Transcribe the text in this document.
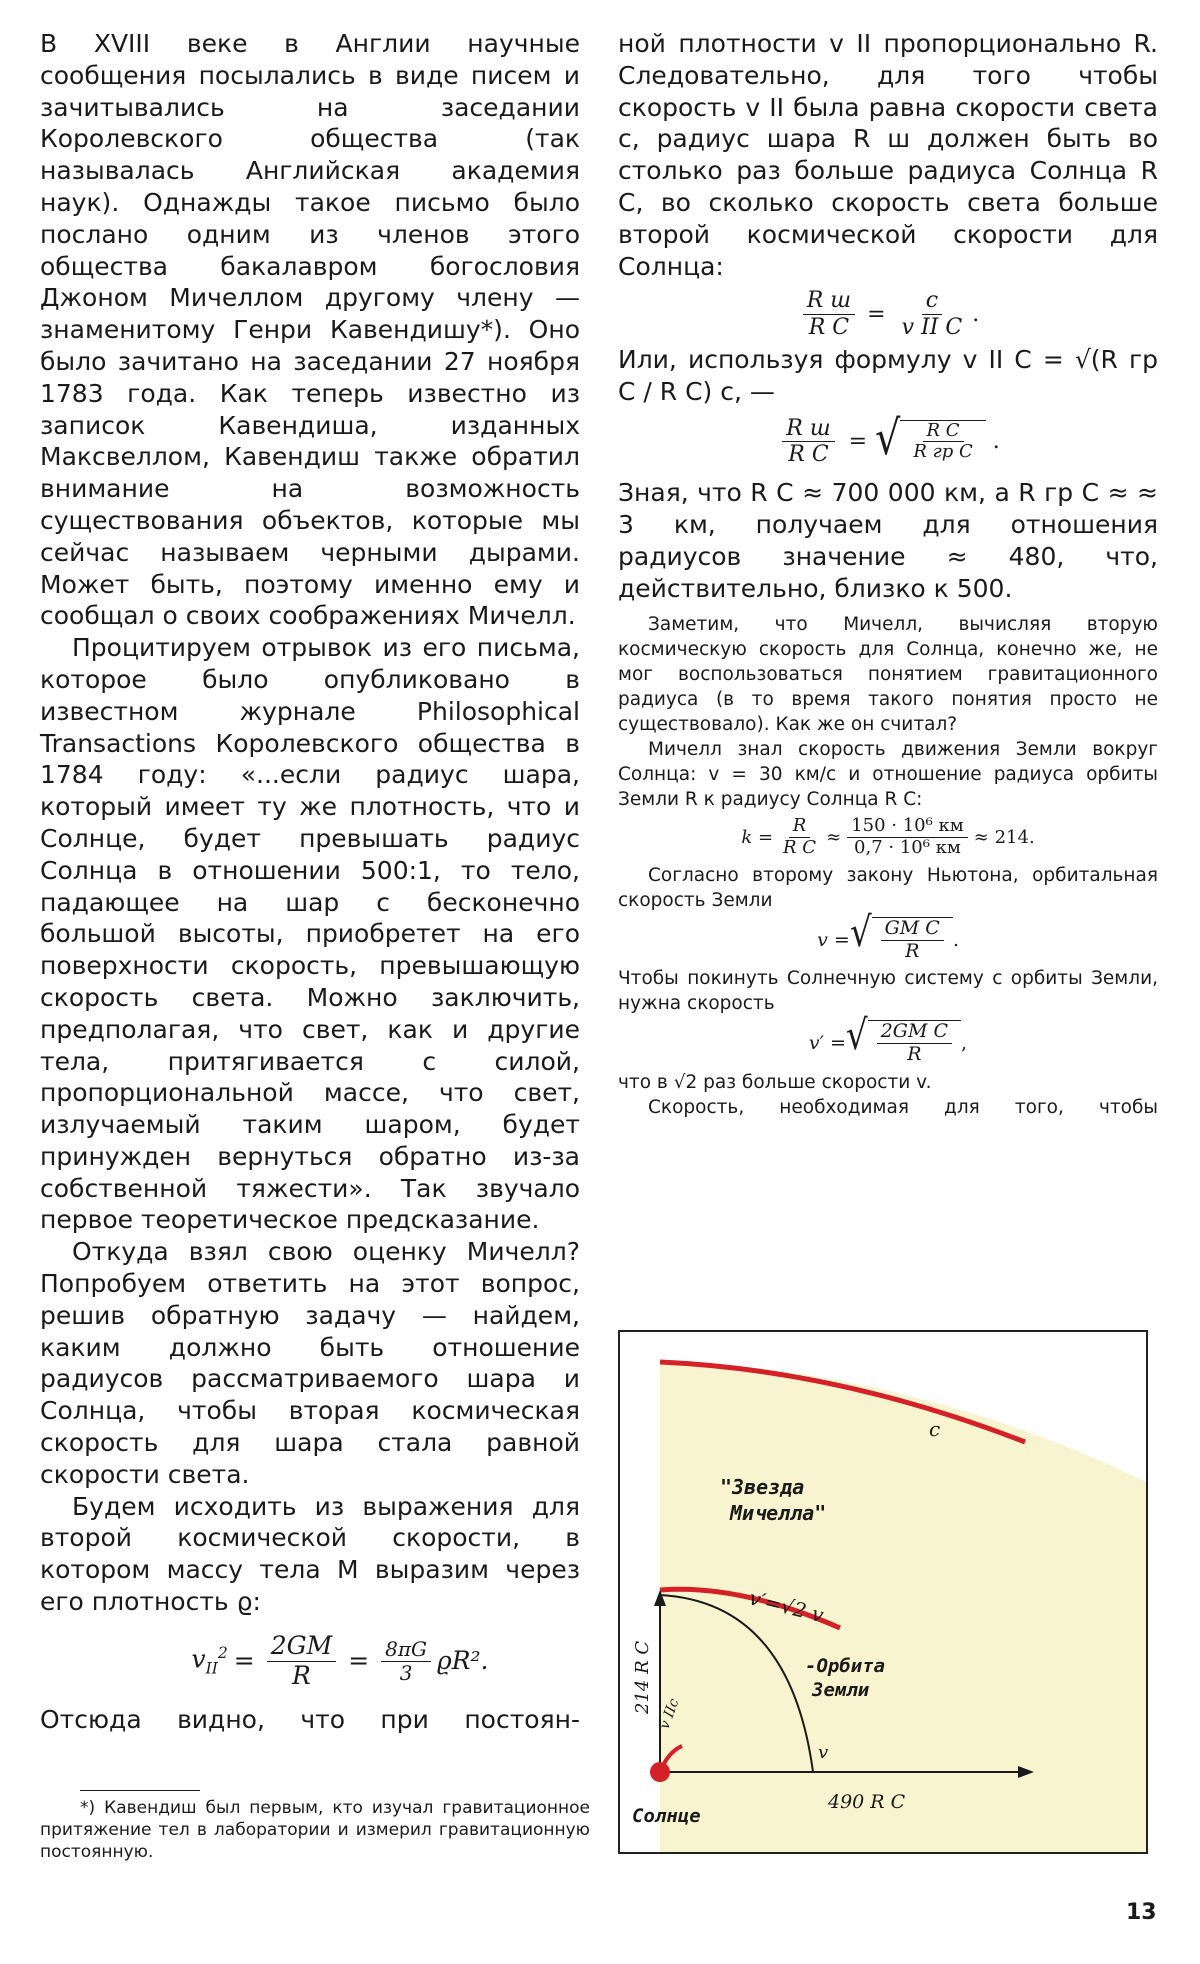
В XVIII веке в Англии научные сообщения посылались в виде писем и зачитывались на заседании Королевского общества (так называлась Английская академия наук). Однажды такое письмо было послано одним из членов этого общества бакалавром богословия Джоном Мичеллом другому члену — знаменитому Генри Кавендишу*). Оно было зачитано на заседании 27 ноября 1783 года. Как теперь известно из записок Кавендиша, изданных Максвеллом, Кавендиш также обратил внимание на возможность существования объектов, которые мы сейчас называем черными дырами. Может быть, поэтому именно ему и сообщал о своих соображениях Мичелл.

Процитируем отрывок из его письма, которое было опубликовано в известном журнале Philosophical Transactions Королевского общества в 1784 году: «...если радиус шара, который имеет ту же плотность, что и Солнце, будет превышать радиус Солнца в отношении 500:1, то тело, падающее на шар с бесконечно большой высоты, приобретет на его поверхности скорость, превышающую скорость света. Можно заключить, предполагая, что свет, как и другие тела, притягивается с силой, пропорциональной массе, что свет, излучаемый таким шаром, будет принужден вернуться обратно из-за собственной тяжести». Так звучало первое теоретическое предсказание.

Откуда взял свою оценку Мичелл? Попробуем ответить на этот вопрос, решив обратную задачу — найдем, каким должно быть отношение радиусов рассматриваемого шара и Солнца, чтобы вторая космическая скорость для шара стала равной скорости света.

Будем исходить из выражения для второй космической скорости, в котором массу тела M выразим через его плотность ϱ:

$v_{II}^2 = \frac{2GM}{R} = \frac{8\pi G}{3} ϱR^2$.

Отсюда видно, что при постоян-

*) Кавендиш был первым, кто изучал гравитационное притяжение тел в лаборатории и измерил гравитационную постоянную.

ной плотности v II пропорционально R. Следовательно, для того чтобы скорость v II была равна скорости света c, радиус шара R ш должен быть во столько раз больше радиуса Солнца R C, во сколько скорость света больше второй космической скорости для Солнца:

$\frac{\text{R ш}}{\text{R C}} = \frac{c}{\text{v II C}}$ .

Или, используя формулу v II C = √(R гр C / R C) c, —

$\frac{\text{R ш}}{\text{R C}}$ = √ $\frac{\text{R C}}{\text{R гр C}}$ .

Зная, что R C ≈ 700 000 км, а R гр C ≈ ≈ 3 км, получаем для отношения радиусов значение ≈ 480, что, действительно, близко к 500.

Заметим, что Мичелл, вычисляя вторую космическую скорость для Солнца, конечно же, не мог воспользоваться понятием гравитационного радиуса (в то время такого понятия просто не существовало). Как же он считал?

Мичелл знал скорость движения Земли вокруг Солнца: v = 30 км/с и отношение радиуса орбиты Земли R к радиусу Солнца R C:

$k = \frac{R}{\text{R C}} \approx \frac{\text{150 · 10⁶ км}}{\text{0,7 · 10⁶ км}} \approx 214$.

Согласно второму закону Ньютона, орбитальная скорость Земли

v = √ $\frac{\text{GM C}}{R}$ .

Чтобы покинуть Солнечную систему с орбиты Земли, нужна скорость

v′ = √ $\frac{\text{2GM C}}{R}$ ,

что в √2 раз больше скорости v.

Скорость, необходимая для того, чтобы

c
"Звезда
Мичелла"
v′=√2 v
-Орбита
Земли
v
v IIc
214 R C
490 R C
Солнце
13
